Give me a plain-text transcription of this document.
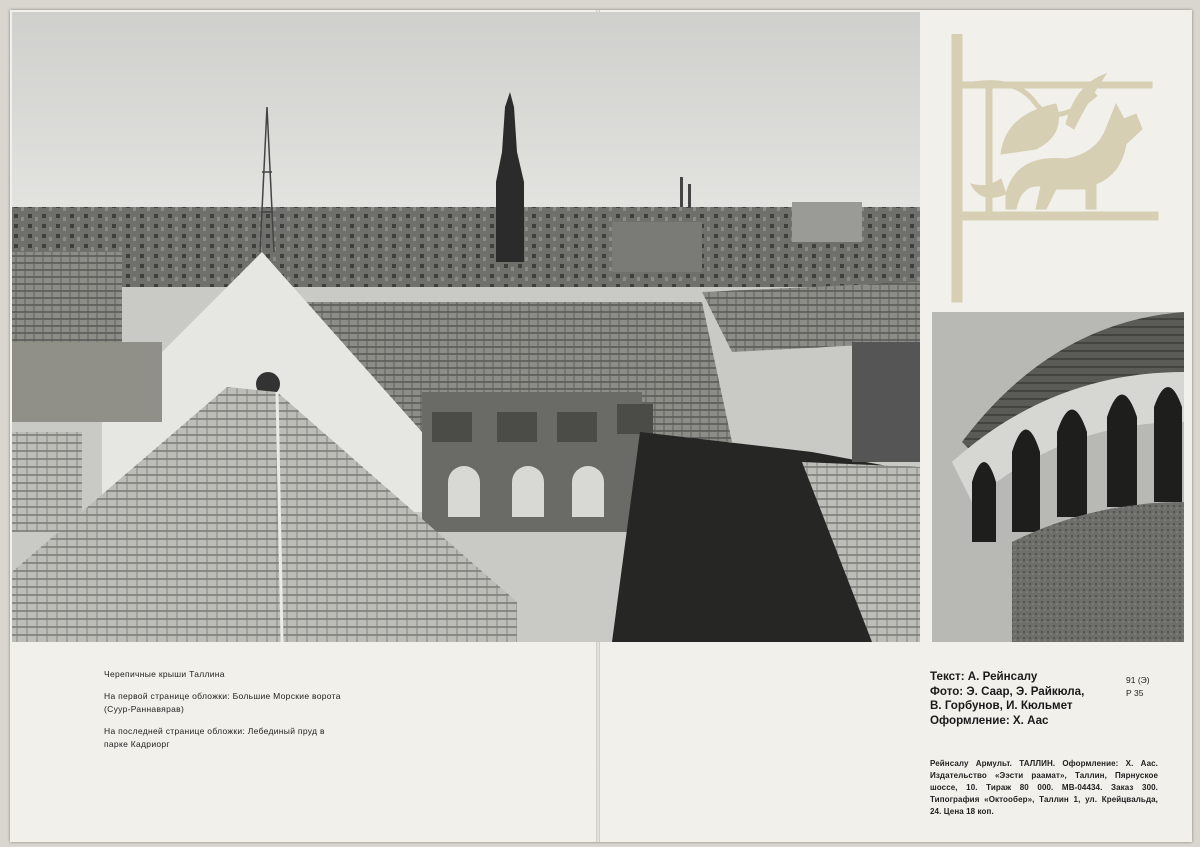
Черепичные крыши Таллина

На первой странице обложки: Большие Морские ворота (Суур-Раннавярав)

На последней странице обложки: Лебединый пруд в парке Кадриорг

Текст: А. Рейнсалу
Фото: Э. Саар, Э. Райкюла,
В. Горбунов, И. Кюльмет
Оформление: Х. Аас
91 (Э)
Р 35
Рейнсалу Армульт. ТАЛЛИН. Оформление: Х. Аас. Издательство «Ээсти раамат», Таллин, Пярнуское шоссе, 10. Тираж 80 000. МВ-04434. Заказ 300. Типография «Октообер», Таллин 1, ул. Крейцвальда, 24. Цена 18 коп.
